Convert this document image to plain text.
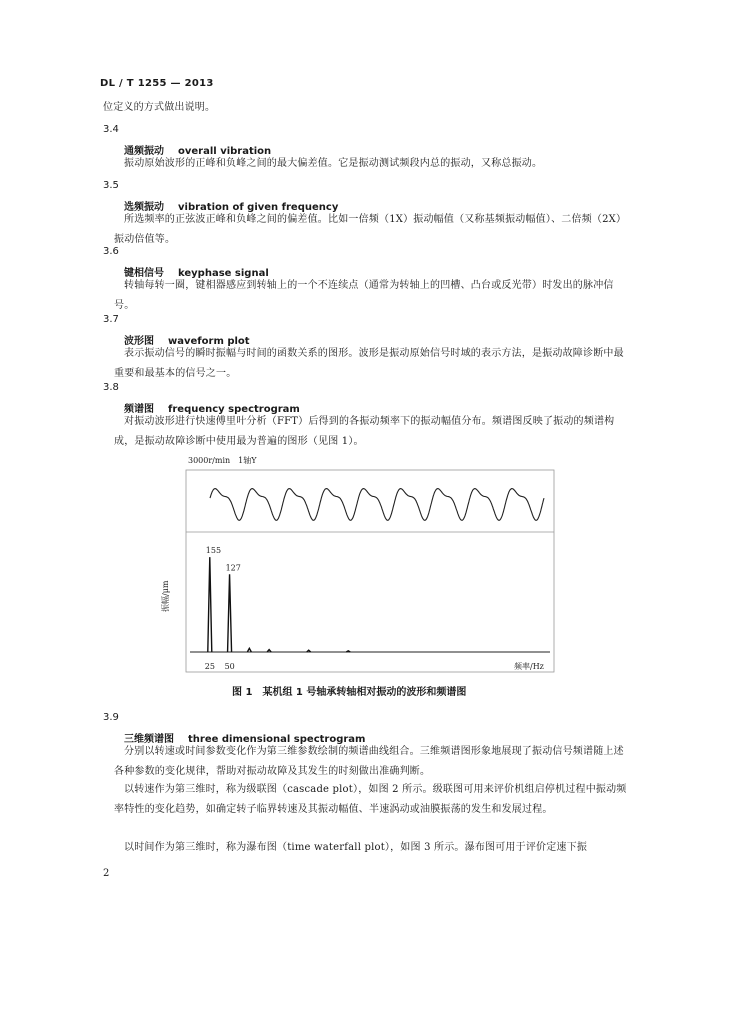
DL / T 1255 — 2013
位定义的方式做出说明。
3.4
通频振动 overall vibration
振动原始波形的正峰和负峰之间的最大偏差值。它是振动测试频段内总的振动，又称总振动。
3.5
选频振动 vibration of given frequency
所选频率的正弦波正峰和负峰之间的偏差值。比如一倍频（1X）振动幅值（又称基频振动幅值）、二倍频（2X）振动倍值等。
3.6
键相信号 keyphase signal
转轴每转一圈，键相器感应到转轴上的一个不连续点（通常为转轴上的凹槽、凸台或反光带）时发出的脉冲信号。
3.7
波形图 waveform plot
表示振动信号的瞬时振幅与时间的函数关系的图形。波形是振动原始信号时域的表示方法，是振动故障诊断中最重要和最基本的信号之一。
3.8
频谱图 frequency spectrogram
对振动波形进行快速傅里叶分析（FFT）后得到的各振动频率下的振动幅值分布。频谱图反映了振动的频谱构成，是振动故障诊断中使用最为普遍的图形（见图 1）。
3000r/min　1轴Y
155
127
25 50
振幅/μm
频率/Hz
图 1　某机组 1 号轴承转轴相对振动的波形和频谱图
3.9
三维频谱图 three dimensional spectrogram
分别以转速或时间参数变化作为第三维参数绘制的频谱曲线组合。三维频谱图形象地展现了振动信号频谱随上述各种参数的变化规律，帮助对振动故障及其发生的时刻做出准确判断。
以转速作为第三维时，称为级联图（cascade plot），如图 2 所示。级联图可用来评价机组启停机过程中振动频率特性的变化趋势，如确定转子临界转速及其振动幅值、半速涡动或油膜振荡的发生和发展过程。
以时间作为第三维时，称为瀑布图（time waterfall plot），如图 3 所示。瀑布图可用于评价定速下振
2
